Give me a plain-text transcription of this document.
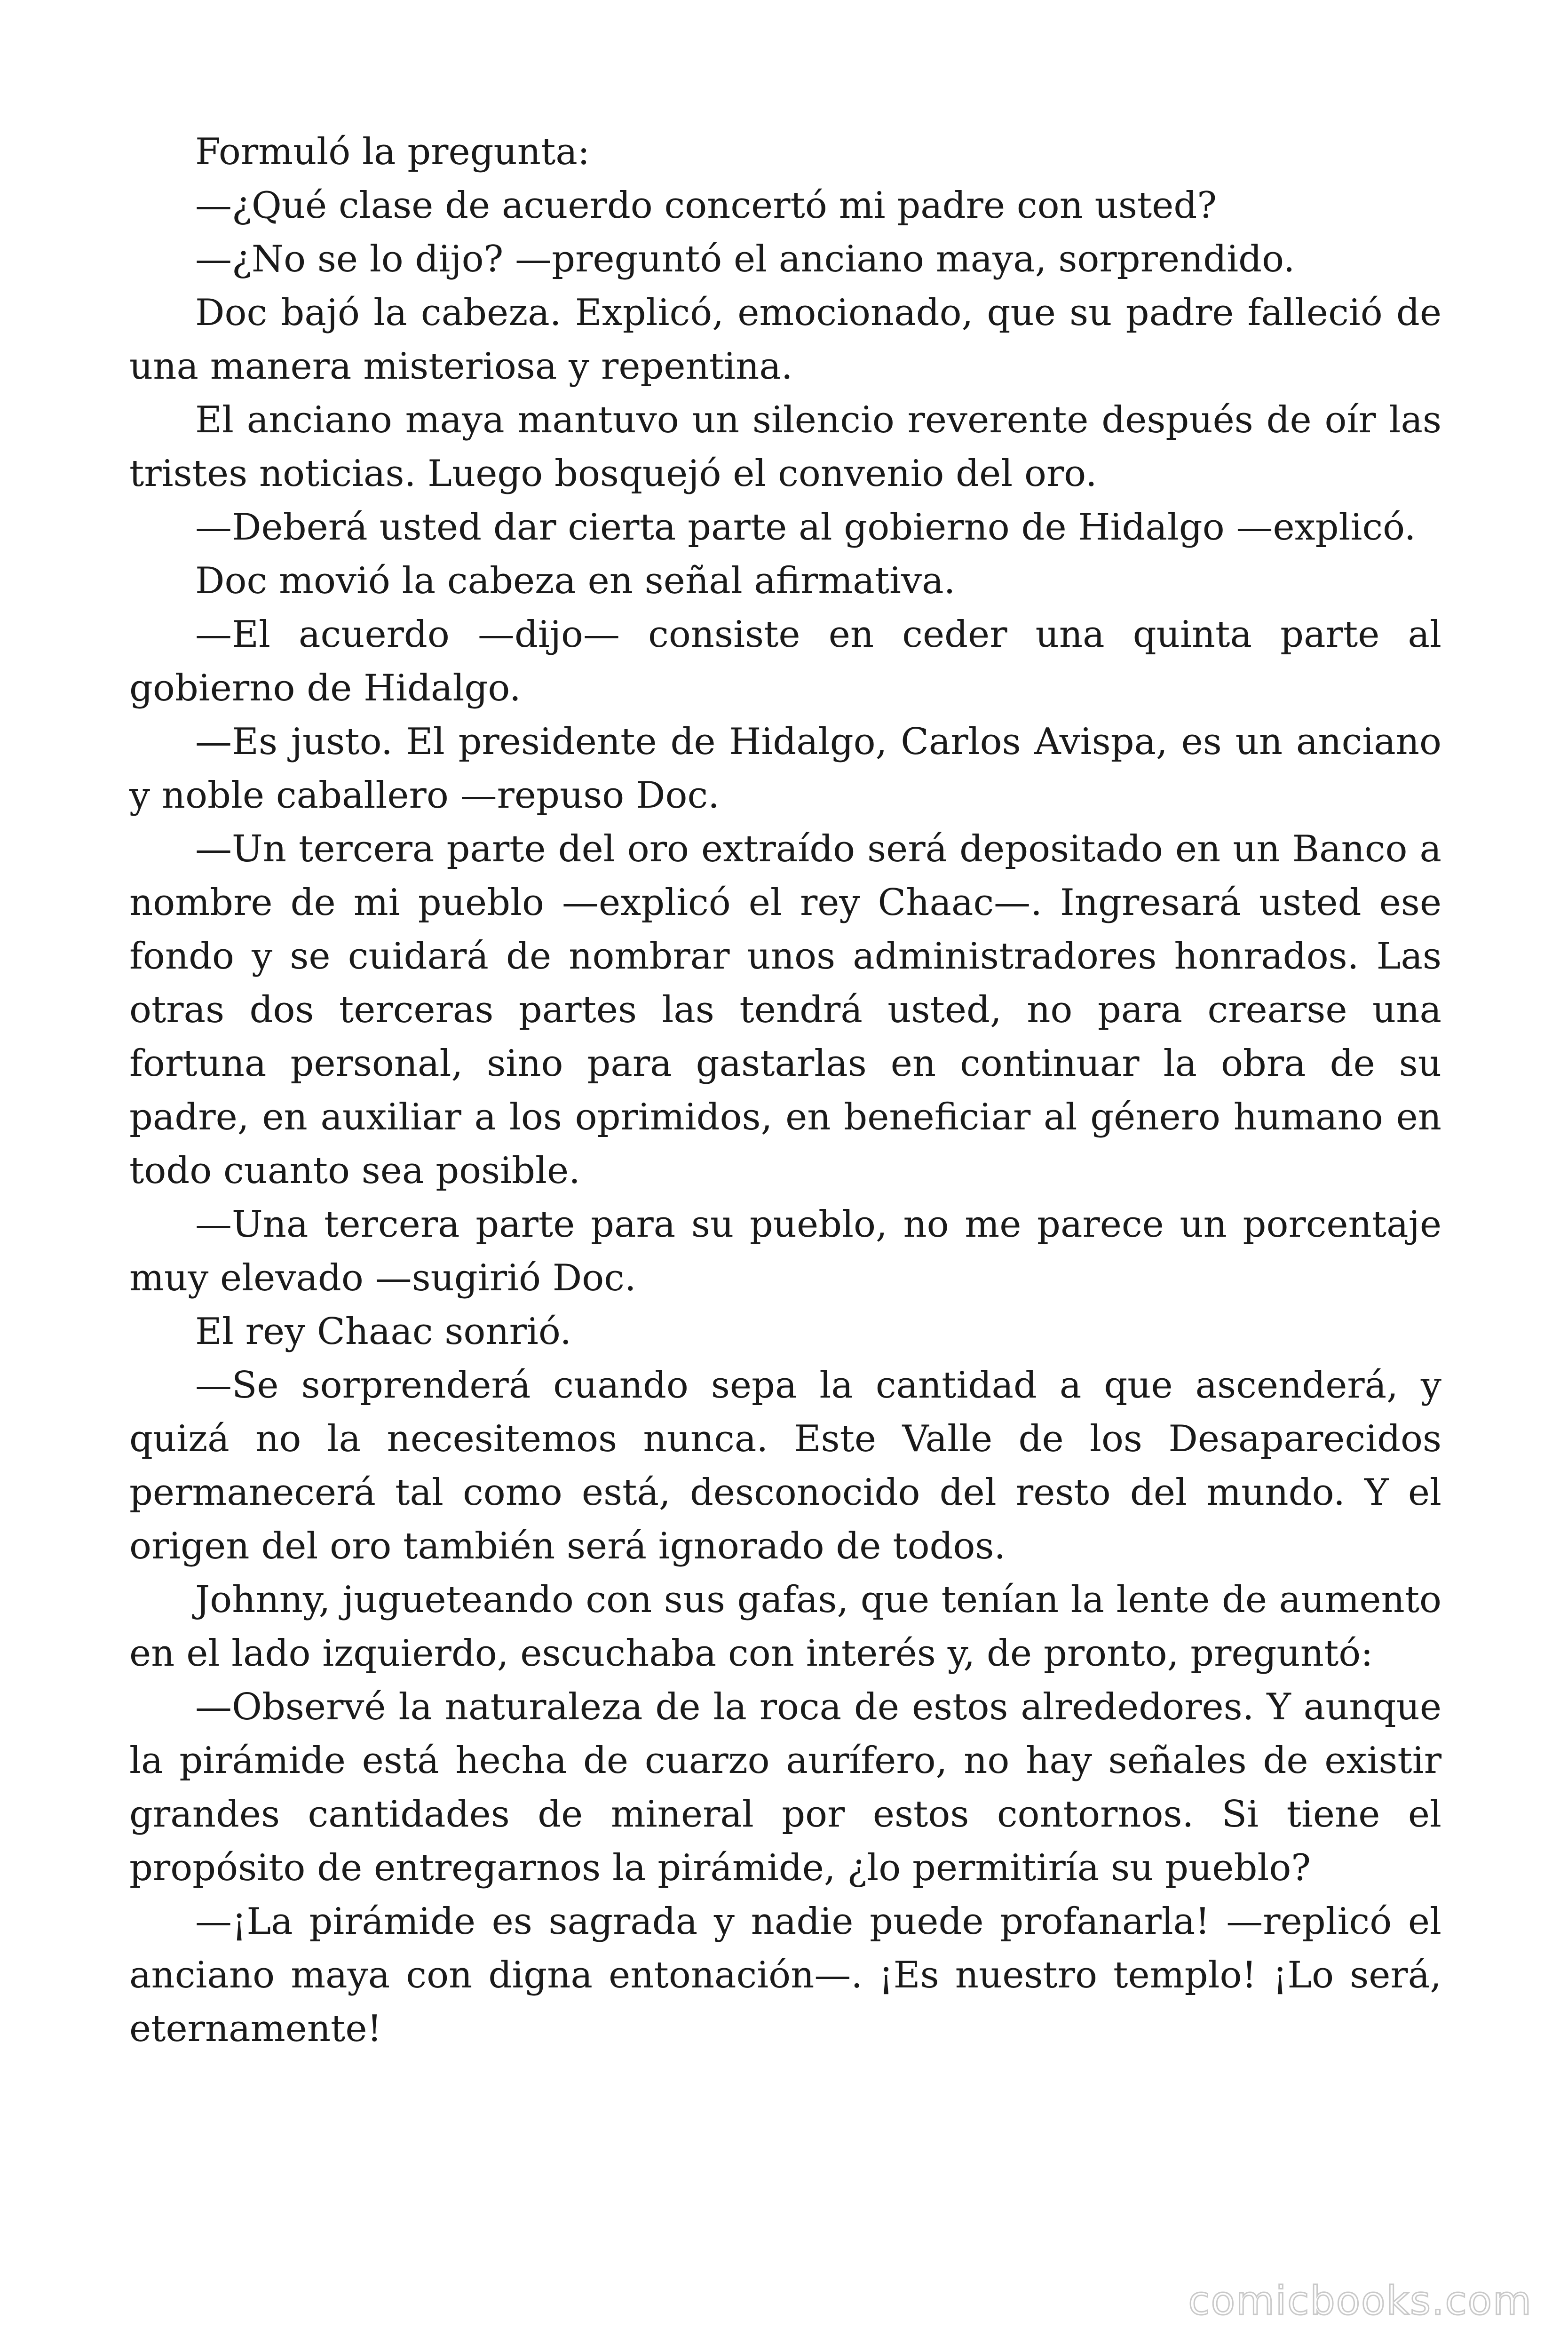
Formuló la pregunta:

—¿Qué clase de acuerdo concertó mi padre con usted?

—¿No se lo dijo? —preguntó el anciano maya, sorprendido.

Doc bajó la cabeza. Explicó, emocionado, que su padre falleció de una manera misteriosa y repentina.

El anciano maya mantuvo un silencio reverente después de oír las tristes noticias. Luego bosquejó el convenio del oro.

—Deberá usted dar cierta parte al gobierno de Hidalgo —explicó.

Doc movió la cabeza en señal afirmativa.

—El acuerdo —dijo— consiste en ceder una quinta parte al gobierno de Hidalgo.

—Es justo. El presidente de Hidalgo, Carlos Avispa, es un anciano y noble caballero —repuso Doc.

—Un tercera parte del oro extraído será depositado en un Banco a nombre de mi pueblo —explicó el rey Chaac—. Ingresará usted ese fondo y se cuidará de nombrar unos administradores honrados. Las otras dos terceras partes las tendrá usted, no para crearse una fortuna personal, sino para gastarlas en continuar la obra de su padre, en auxiliar a los oprimidos, en beneficiar al género humano en todo cuanto sea posible.

—Una tercera parte para su pueblo, no me parece un porcentaje muy elevado —sugirió Doc.

El rey Chaac sonrió.

—Se sorprenderá cuando sepa la cantidad a que ascenderá, y quizá no la necesitemos nunca. Este Valle de los Desaparecidos permanecerá tal como está, desconocido del resto del mundo. Y el origen del oro también será ignorado de todos.

Johnny, jugueteando con sus gafas, que tenían la lente de aumento en el lado izquierdo, escuchaba con interés y, de pronto, preguntó:

—Observé la naturaleza de la roca de estos alrededores. Y aunque la pirámide está hecha de cuarzo aurífero, no hay señales de existir grandes cantidades de mineral por estos contornos. Si tiene el propósito de entregarnos la pirámide, ¿lo permitiría su pueblo?

—¡La pirámide es sagrada y nadie puede profanarla! —replicó el anciano maya con digna entonación—. ¡Es nuestro templo! ¡Lo será, eternamente!

comicbooks.com
